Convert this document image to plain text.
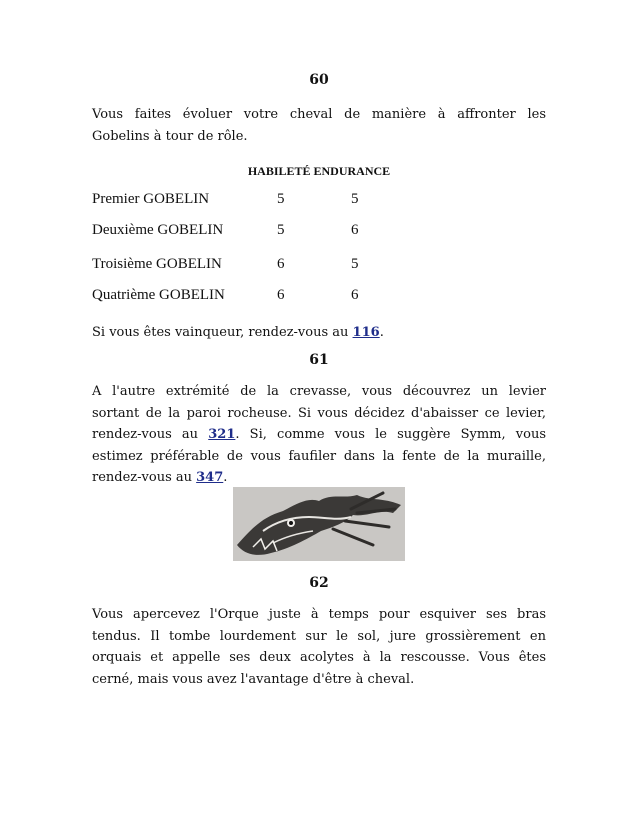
60
Vous faites évoluer votre cheval de manière à affronter les
Gobelins à tour de rôle.
HABILETÉ ENDURANCE
Premier GOBELIN	5	5
Deuxième GOBELIN	5	6
Troisième GOBELIN	6	5
Quatrième GOBELIN	6	6
Si vous êtes vainqueur, rendez-vous au 116.
61
A l'autre extrémité de la crevasse, vous découvrez un levier
sortant de la paroi rocheuse. Si vous décidez d'abaisser ce levier,
rendez-vous au 321. Si, comme vous le suggère Symm, vous
estimez préférable de vous faufiler dans la fente de la muraille,
rendez-vous au 347.
62
Vous apercevez l'Orque juste à temps pour esquiver ses bras
tendus. Il tombe lourdement sur le sol, jure grossièrement en
orquais et appelle ses deux acolytes à la rescousse. Vous êtes
cerné, mais vous avez l'avantage d'être à cheval.
